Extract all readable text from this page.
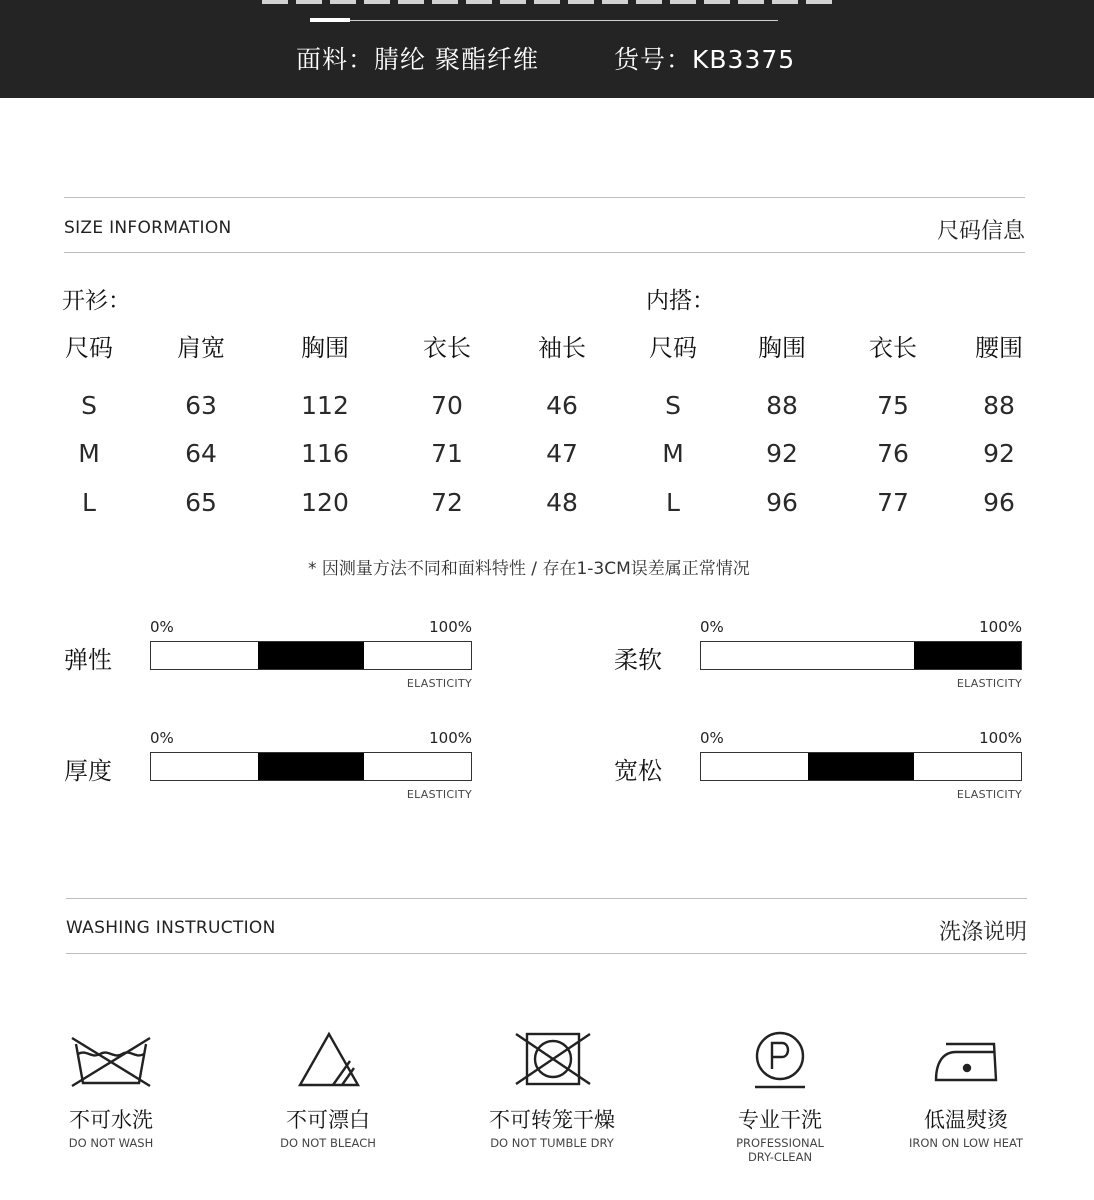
面料：腈纶 聚酯纤维	货号：KB3375
SIZE INFORMATION	尺码信息
开衫：
尺码	肩宽	胸围	衣长	袖长
S	63	112	70	46
M	64	116	71	47
L	65	120	72	48
内搭：
尺码	胸围	衣长	腰围
S	88	75	88
M	92	76	92
L	96	77	96
* 因测量方法不同和面料特性 / 存在1-3CM误差属正常情况
弹性
0%	100%
ELASTICITY
柔软
0%	100%
ELASTICITY
厚度
0%	100%
ELASTICITY
宽松
0%	100%
ELASTICITY
WASHING INSTRUCTION	洗涤说明
不可水洗
DO NOT WASH
不可漂白
DO NOT BLEACH
不可转笼干燥
DO NOT TUMBLE DRY
专业干洗
PROFESSIONAL
DRY-CLEAN
低温熨烫
IRON ON LOW HEAT
